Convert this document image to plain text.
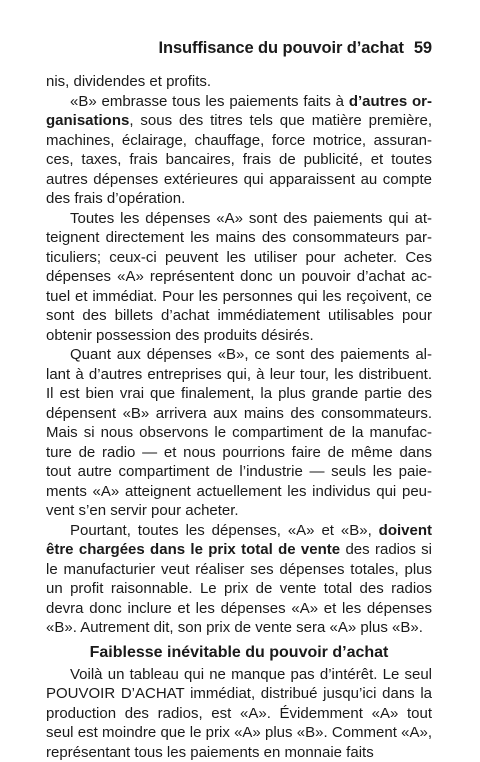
Insuffisance du pouvoir d’achat 59

nis, dividendes et profits.

«B» embrasse tous les paiements faits à d’autres organisations, sous des titres tels que matière première, machines, éclairage, chauffage, force motrice, assurances, taxes, frais bancaires, frais de publicité, et toutes autres dépenses extérieures qui apparaissent au compte des frais d’opération.

Toutes les dépenses «A» sont des paiements qui atteignent directement les mains des consommateurs particuliers; ceux-ci peuvent les utiliser pour acheter. Ces dépenses «A» représentent donc un pouvoir d’achat actuel et immédiat. Pour les personnes qui les reçoivent, ce sont des billets d’achat immédiatement utilisables pour obtenir possession des produits désirés.

Quant aux dépenses «B», ce sont des paiements allant à d’autres entreprises qui, à leur tour, les distribuent. Il est bien vrai que finalement, la plus grande partie des dépensent «B» arrivera aux mains des consommateurs. Mais si nous observons le compartiment de la manufacture de radio — et nous pourrions faire de même dans tout autre compartiment de l’industrie — seuls les paiements «A» atteignent actuellement les individus qui peuvent s’en servir pour acheter.

Pourtant, toutes les dépenses, «A» et «B», doivent être chargées dans le prix total de vente des radios si le manufacturier veut réaliser ses dépenses totales, plus un profit raisonnable. Le prix de vente total des radios devra donc inclure et les dépenses «A» et les dépenses «B». Autrement dit, son prix de vente sera «A» plus «B».

Faiblesse inévitable du pouvoir d’achat

Voilà un tableau qui ne manque pas d’intérêt. Le seul POUVOIR D’ACHAT immédiat, distribué jusqu’ici dans la production des radios, est «A». Évidemment «A» tout seul est moindre que le prix «A» plus «B». Comment «A», représentant tous les paiements en monnaie faits
